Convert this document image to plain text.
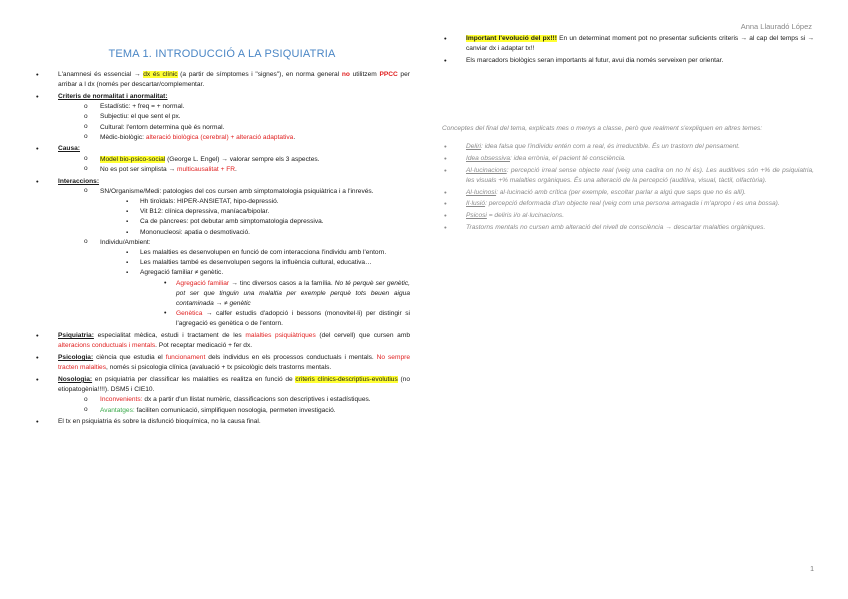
Anna Llauradó López
TEMA 1. INTRODUCCIÓ A LA PSIQUIATRIA
• L'anamnesi és essencial → dx és clínic (a partir de símptomes i "signes"), en norma general no utilitzem PPCC per arribar a l dx (només per descartar/complementar.
• Criteris de normalitat i anormalitat:
o Estadístic: + freq = + normal.
o Subjectiu: el que sent el px.
o Cultural: l'entorn determina què és normal.
o Mèdic-biològic: alteració biològica (cerebral) + alteració adaptativa.
• Causa:
o Model bio-psico-social (George L. Engel) → valorar sempre els 3 aspectes.
o No es pot ser simplista → multicausalitat + FR.
• Interaccions:
o SN/Organisme/Medi: patologies del cos cursen amb simptomatologia psiquiàtrica i a l'inrevés.
▪ Hh tiroïdals: HIPER-ANSIETAT, hipo-depressió.
▪ Vit B12: clínica depressiva, maníaca/bipolar.
▪ Ca de pàncrees: pot debutar amb simptomatologia depressiva.
▪ Mononucleosi: apatia o desmotivació.
o Individu/Ambient:
▪ Les malalties es desenvolupen en funció de com interacciona l'individu amb l'entorn.
▪ Les malalties també es desenvolupen segons la influència cultural, educativa…
▪ Agregació familiar ≠ genètic.
• Agregació familiar → tinc diversos casos a la família. No té perquè ser genètic, pot ser que tinguin una malaltia per exemple perquè tots beuen aigua contaminada → ≠ genètic
• Genètica → calfer estudis d'adopció i bessons (monovitel·li) per distingir si l'agregació es genètica o de l'entorn.
• Psiquiatria: especialitat mèdica, estudi i tractament de les malalties psiquiàtriques (del cervell) que cursen amb alteracions conductuals i mentals. Pot receptar medicació + fer dx.
• Psicologia: ciència que estudia el funcionament dels individus en els processos conductuals i mentals. No sempre tracten malalties, només si psicologia clínica (avaluació + tx psicològic dels trastorns mentals.
• Nosologia: en psiquiatria per classificar les malalties es realitza en funció de criteris clínics-descriptius-evolutius (no etiopatogènia!!!!). DSM5 i CIE10.
o Inconvenients: dx a partir d'un llistat numèric, classificacions son descriptives i estadístiques.
o Avantatges: faciliten comunicació, simplifiquen nosologia, permeten investigació.
• El tx en psiquiatria és sobre la disfunció bioquímica, no la causa final.
• Important l'evolució del px!!! En un determinat moment pot no presentar suficients criteris → al cap del temps si → canviar dx i adaptar tx!!
• Els marcadors biològics seran importants al futur, avui dia només serveixen per orientar.
Conceptes del final del tema, explicats mes o menys a classe, però que realment s'expliquen en altres temes:
• Deliri: idea falsa que l'individu entén com a real, és irreductible. És un trastorn del pensament.
• Idea obsessiva: idea errònia, el pacient té consciència.
• Al·lucinacions: percepció irreal sense objecte real (veig una cadira on no hi és). Les auditives són +% de psiquiatria, les visuals +% malalties orgàniques. És una alteració de la percepció (auditiva, visual, tàctil, olfactòria).
• Al·lucinosi: al·lucinació amb crítica (per exemple, escoltar parlar a algú que saps que no és allí).
• Il·lusió: percepció deformada d'un objecte real (veig com una persona amagada i m'apropo i es una bossa).
• Psicosi = deliris i/o al·lucinacions.
• Trastorns mentals no cursen amb alteració del nivell de consciència → descartar malalties orgàniques.
1
